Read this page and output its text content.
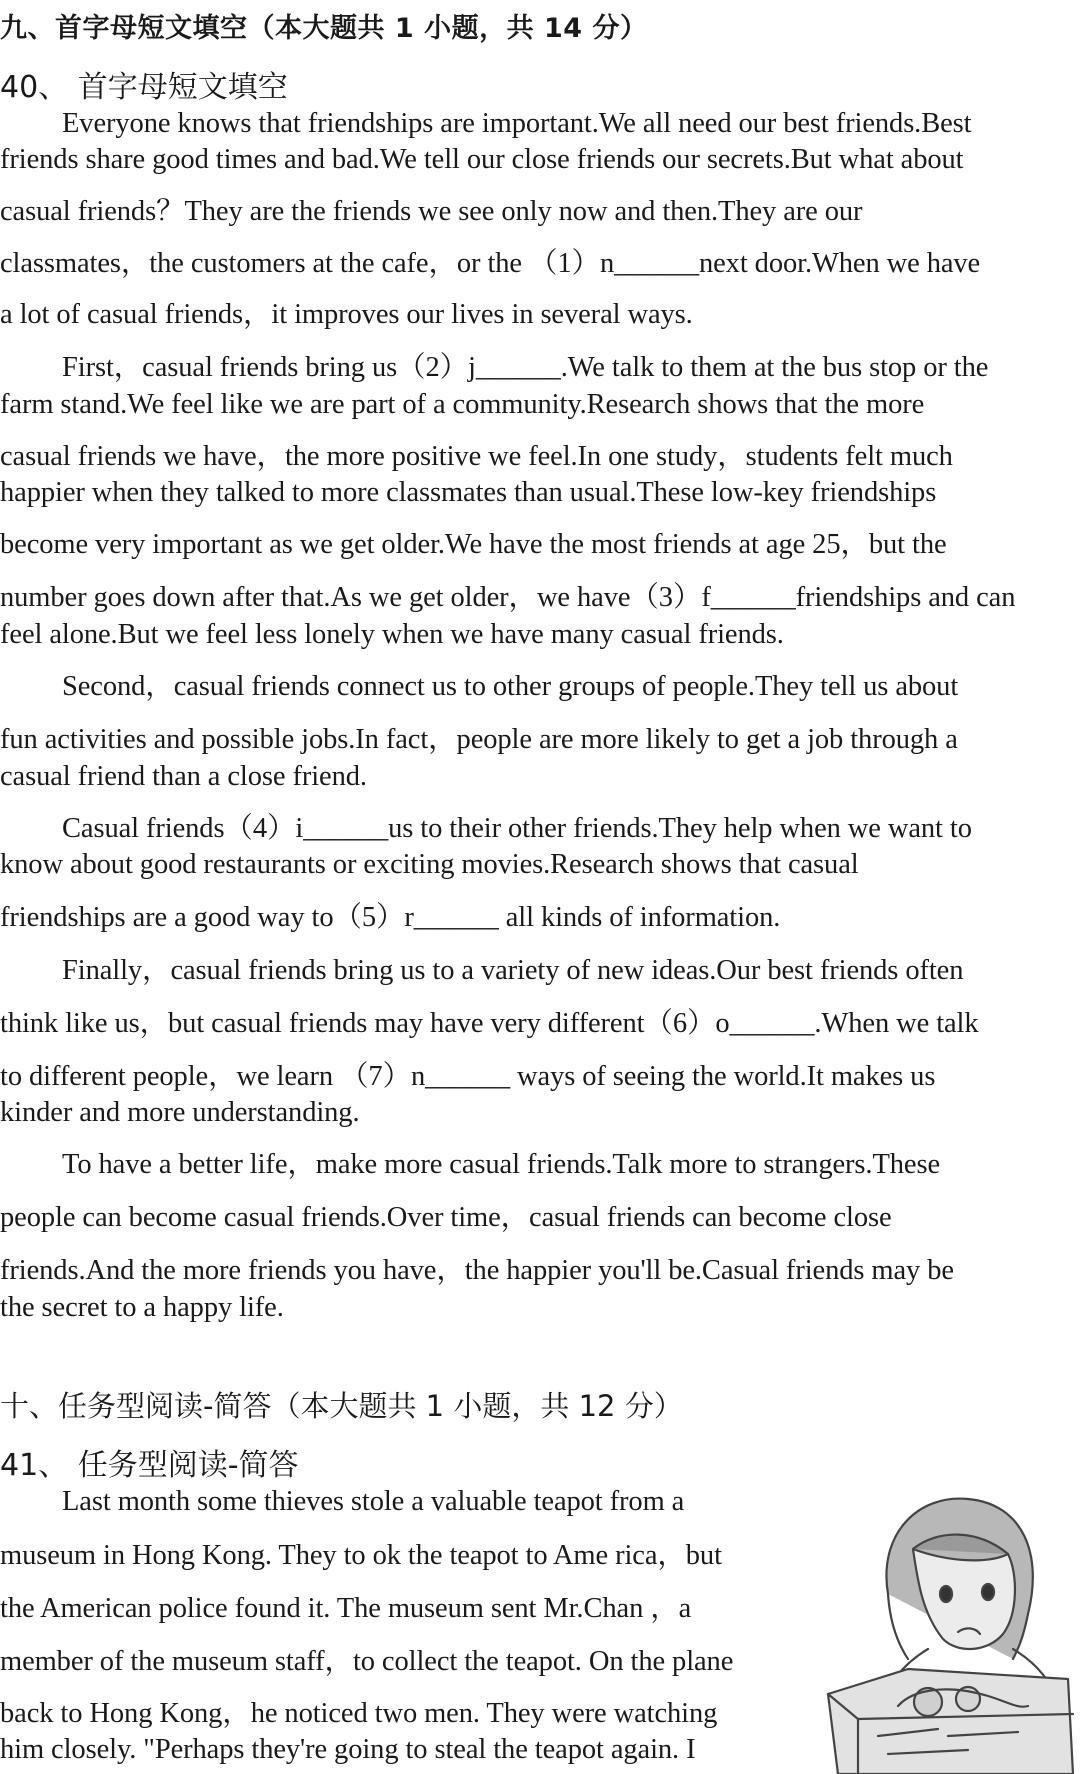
九、首字母短文填空（本大题共 1 小题，共 14 分）
40、 首字母短文填空
Everyone knows that friendships are important.We all need our best friends.Best
friends share good times and bad.We tell our close friends our secrets.But what about
casual friends？They are the friends we see only now and then.They are our
classmates，the customers at the cafe，or the （1）n______next door.When we have
a lot of casual friends，it improves our lives in several ways.
First，casual friends bring us（2）j______.We talk to them at the bus stop or the
farm stand.We feel like we are part of a community.Research shows that the more
casual friends we have，the more positive we feel.In one study，students felt much
happier when they talked to more classmates than usual.These low-key friendships
become very important as we get older.We have the most friends at age 25，but the
number goes down after that.As we get older，we have（3）f______friendships and can
feel alone.But we feel less lonely when we have many casual friends.
Second，casual friends connect us to other groups of people.They tell us about
fun activities and possible jobs.In fact，people are more likely to get a job through a
casual friend than a close friend.
Casual friends（4）i______us to their other friends.They help when we want to
know about good restaurants or exciting movies.Research shows that casual
friendships are a good way to（5）r______ all kinds of information.
Finally，casual friends bring us to a variety of new ideas.Our best friends often
think like us，but casual friends may have very different（6）o______.When we talk
to different people，we learn （7）n______ ways of seeing the world.It makes us
kinder and more understanding.
To have a better life，make more casual friends.Talk more to strangers.These
people can become casual friends.Over time，casual friends can become close
friends.And the more friends you have，the happier you'll be.Casual friends may be
the secret to a happy life.
十、任务型阅读-简答（本大题共 1 小题，共 12 分）
41、 任务型阅读-简答
Last month some thieves stole a valuable teapot from a
museum in Hong Kong. They to ok the teapot to Ame rica，but
the American police found it. The museum sent Mr.Chan ，a
member of the museum staff，to collect the teapot. On the plane
back to Hong Kong，he noticed two men. They were watching
him closely. "Perhaps they're going to steal the teapot again. I
